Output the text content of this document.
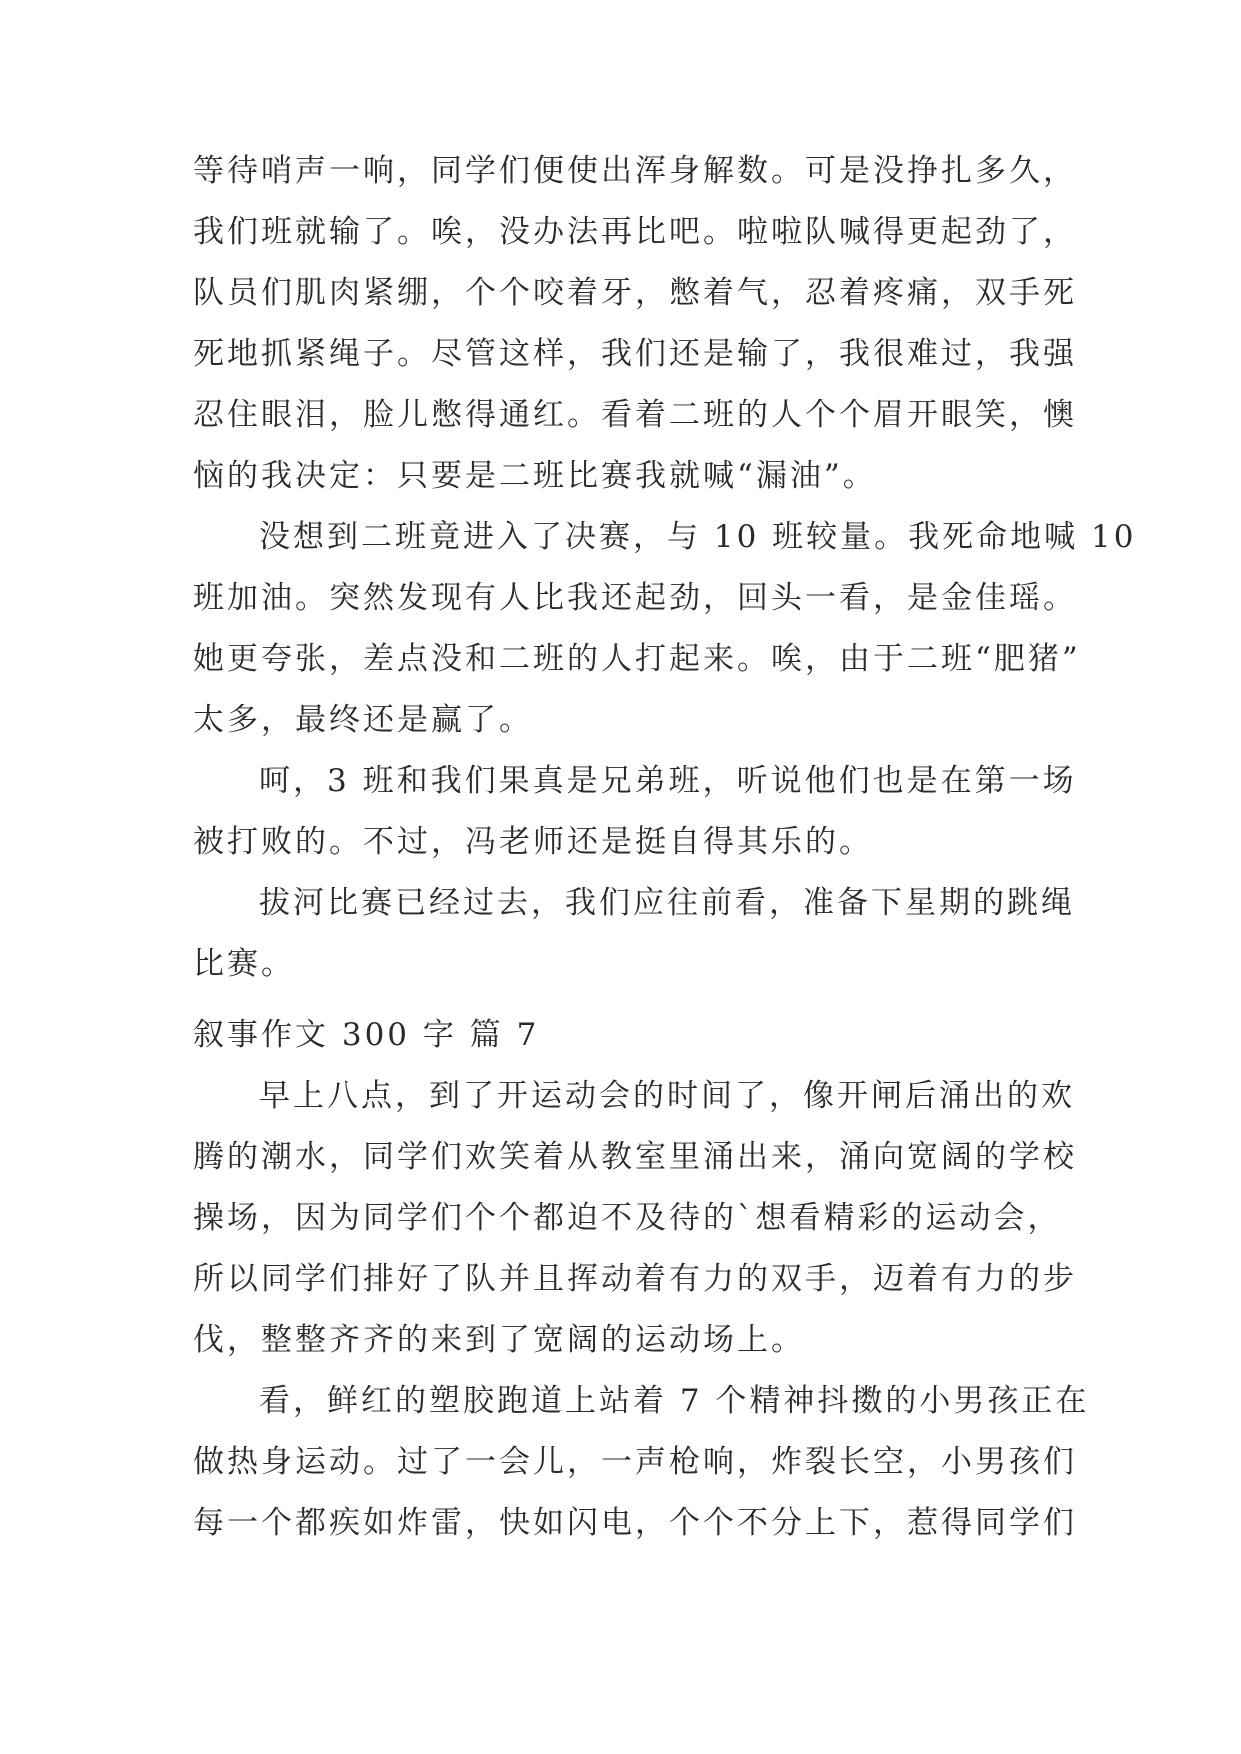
等待哨声一响，同学们便使出浑身解数。可是没挣扎多久，
我们班就输了。唉，没办法再比吧。啦啦队喊得更起劲了，
队员们肌肉紧绷，个个咬着牙，憋着气，忍着疼痛，双手死
死地抓紧绳子。尽管这样，我们还是输了，我很难过，我强
忍住眼泪，脸儿憋得通红。看着二班的人个个眉开眼笑，懊
恼的我决定：只要是二班比赛我就喊“漏油”。
没想到二班竟进入了决赛，与 10 班较量。我死命地喊 10
班加油。突然发现有人比我还起劲，回头一看，是金佳瑶。
她更夸张，差点没和二班的人打起来。唉，由于二班“肥猪”
太多，最终还是赢了。
呵，3 班和我们果真是兄弟班，听说他们也是在第一场
被打败的。不过，冯老师还是挺自得其乐的。
拔河比赛已经过去，我们应往前看，准备下星期的跳绳
比赛。
叙事作文 300 字 篇 7
早上八点，到了开运动会的时间了，像开闸后涌出的欢
腾的潮水，同学们欢笑着从教室里涌出来，涌向宽阔的学校
操场，因为同学们个个都迫不及待的`想看精彩的运动会，
所以同学们排好了队并且挥动着有力的双手，迈着有力的步
伐，整整齐齐的来到了宽阔的运动场上。
看，鲜红的塑胶跑道上站着 7 个精神抖擞的小男孩正在
做热身运动。过了一会儿，一声枪响，炸裂长空，小男孩们
每一个都疾如炸雷，快如闪电，个个不分上下，惹得同学们
